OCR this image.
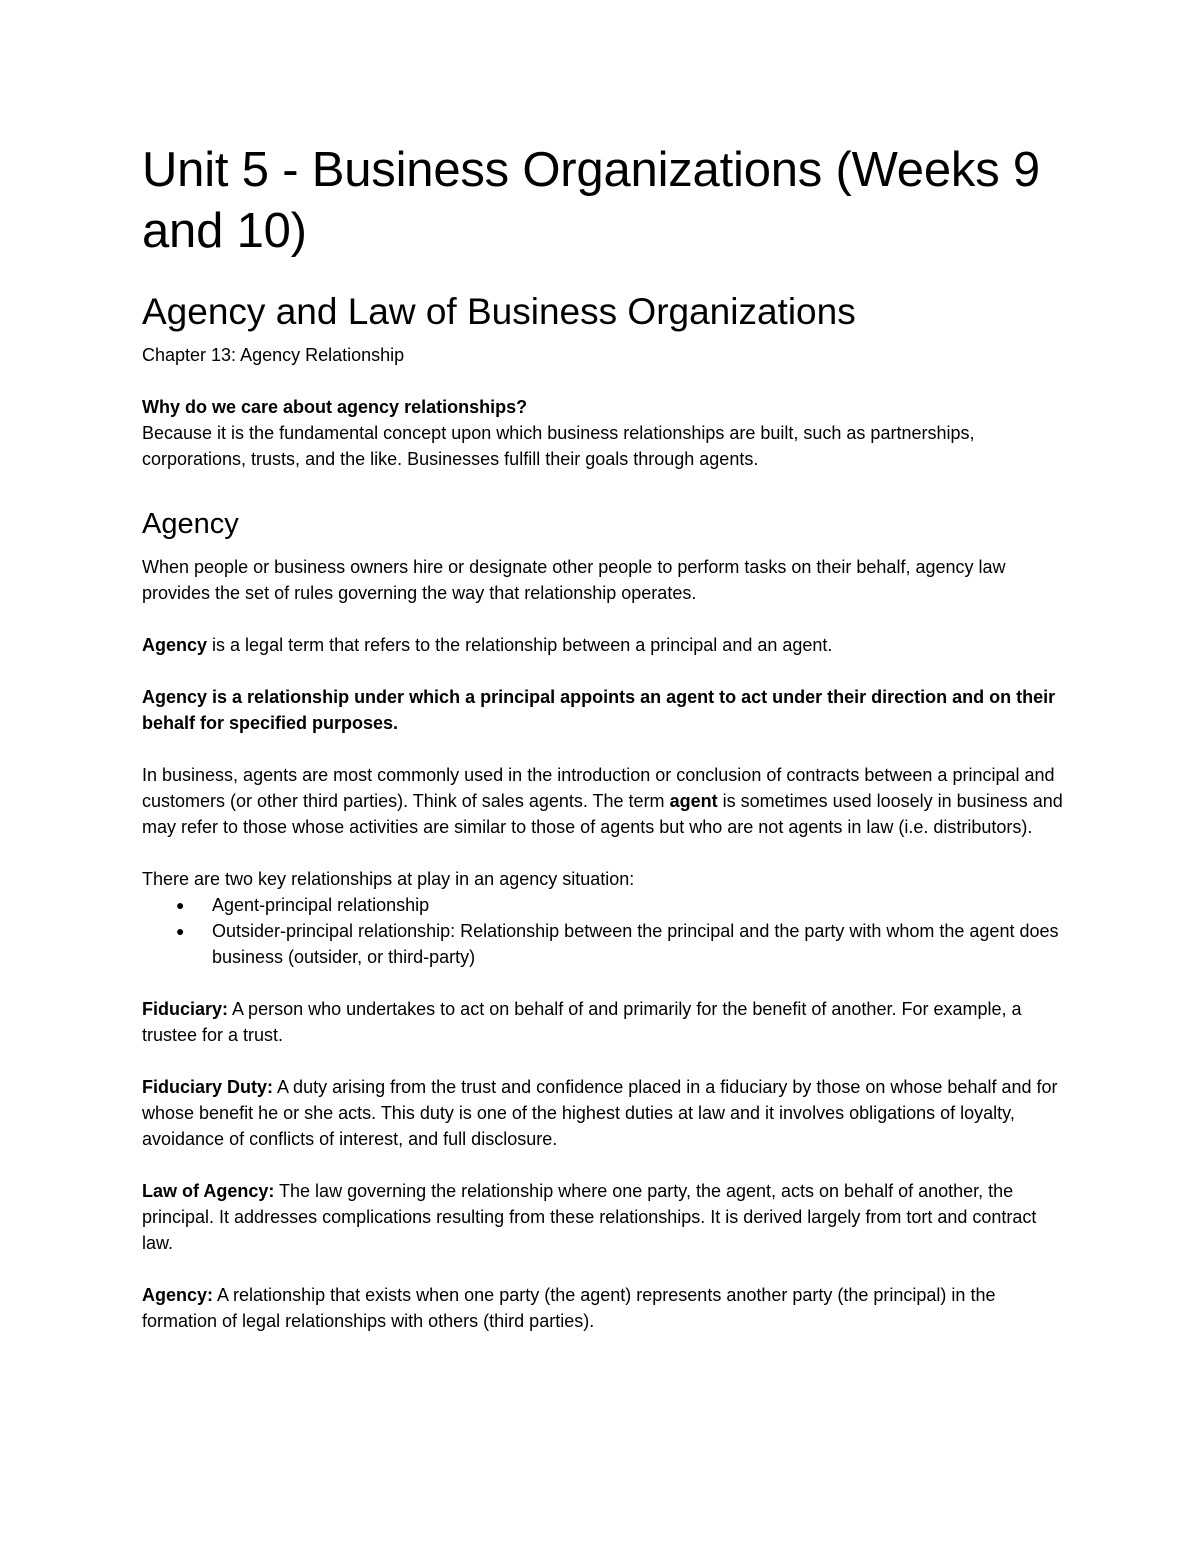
Unit 5 - Business Organizations (Weeks 9 and 10)
Agency and Law of Business Organizations

Chapter 13: Agency Relationship

Why do we care about agency relationships?

Because it is the fundamental concept upon which business relationships are built, such as partnerships, corporations, trusts, and the like. Businesses fulfill their goals through agents.

Agency

When people or business owners hire or designate other people to perform tasks on their behalf, agency law provides the set of rules governing the way that relationship operates.

Agency is a legal term that refers to the relationship between a principal and an agent.

Agency is a relationship under which a principal appoints an agent to act under their direction and on their behalf for specified purposes.

In business, agents are most commonly used in the introduction or conclusion of contracts between a principal and customers (or other third parties). Think of sales agents. The term agent is sometimes used loosely in business and may refer to those whose activities are similar to those of agents but who are not agents in law (i.e. distributors).

There are two key relationships at play in an agency situation:

● Agent-principal relationship
● Outsider-principal relationship: Relationship between the principal and the party with whom the agent does business (outsider, or third-party)

Fiduciary: A person who undertakes to act on behalf of and primarily for the benefit of another. For example, a trustee for a trust.

Fiduciary Duty: A duty arising from the trust and confidence placed in a fiduciary by those on whose behalf and for whose benefit he or she acts. This duty is one of the highest duties at law and it involves obligations of loyalty, avoidance of conflicts of interest, and full disclosure.

Law of Agency: The law governing the relationship where one party, the agent, acts on behalf of another, the principal. It addresses complications resulting from these relationships. It is derived largely from tort and contract law.

Agency: A relationship that exists when one party (the agent) represents another party (the principal) in the formation of legal relationships with others (third parties).
